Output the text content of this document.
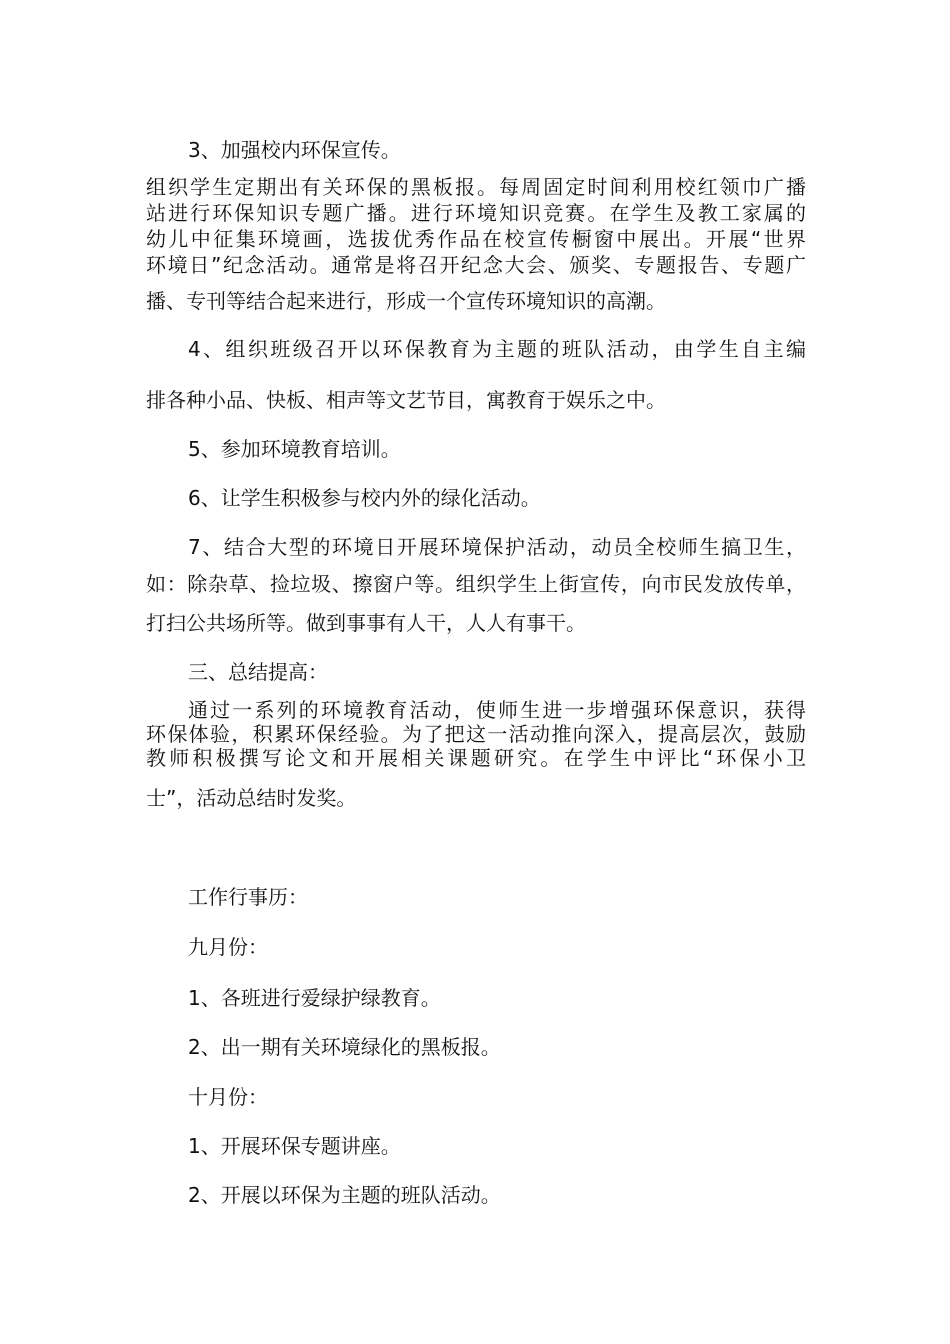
3、加强校内环保宣传。
组织学生定期出有关环保的黑板报。每周固定时间利用校红领巾广播
站进行环保知识专题广播。进行环境知识竞赛。在学生及教工家属的
幼儿中征集环境画，选拔优秀作品在校宣传橱窗中展出。开展“世界
环境日”纪念活动。通常是将召开纪念大会、颁奖、专题报告、专题广
播、专刊等结合起来进行，形成一个宣传环境知识的高潮。
4、组织班级召开以环保教育为主题的班队活动，由学生自主编
排各种小品、快板、相声等文艺节目，寓教育于娱乐之中。
5、参加环境教育培训。
6、让学生积极参与校内外的绿化活动。
7、结合大型的环境日开展环境保护活动，动员全校师生搞卫生，
如：除杂草、捡垃圾、擦窗户等。组织学生上街宣传，向市民发放传单，
打扫公共场所等。做到事事有人干，人人有事干。
三、总结提高：
通过一系列的环境教育活动，使师生进一步增强环保意识，获得
环保体验，积累环保经验。为了把这一活动推向深入，提高层次，鼓励
教师积极撰写论文和开展相关课题研究。在学生中评比“环保小卫
士”，活动总结时发奖。
工作行事历：
九月份：
1、各班进行爱绿护绿教育。
2、出一期有关环境绿化的黑板报。
十月份：
1、开展环保专题讲座。
2、开展以环保为主题的班队活动。
